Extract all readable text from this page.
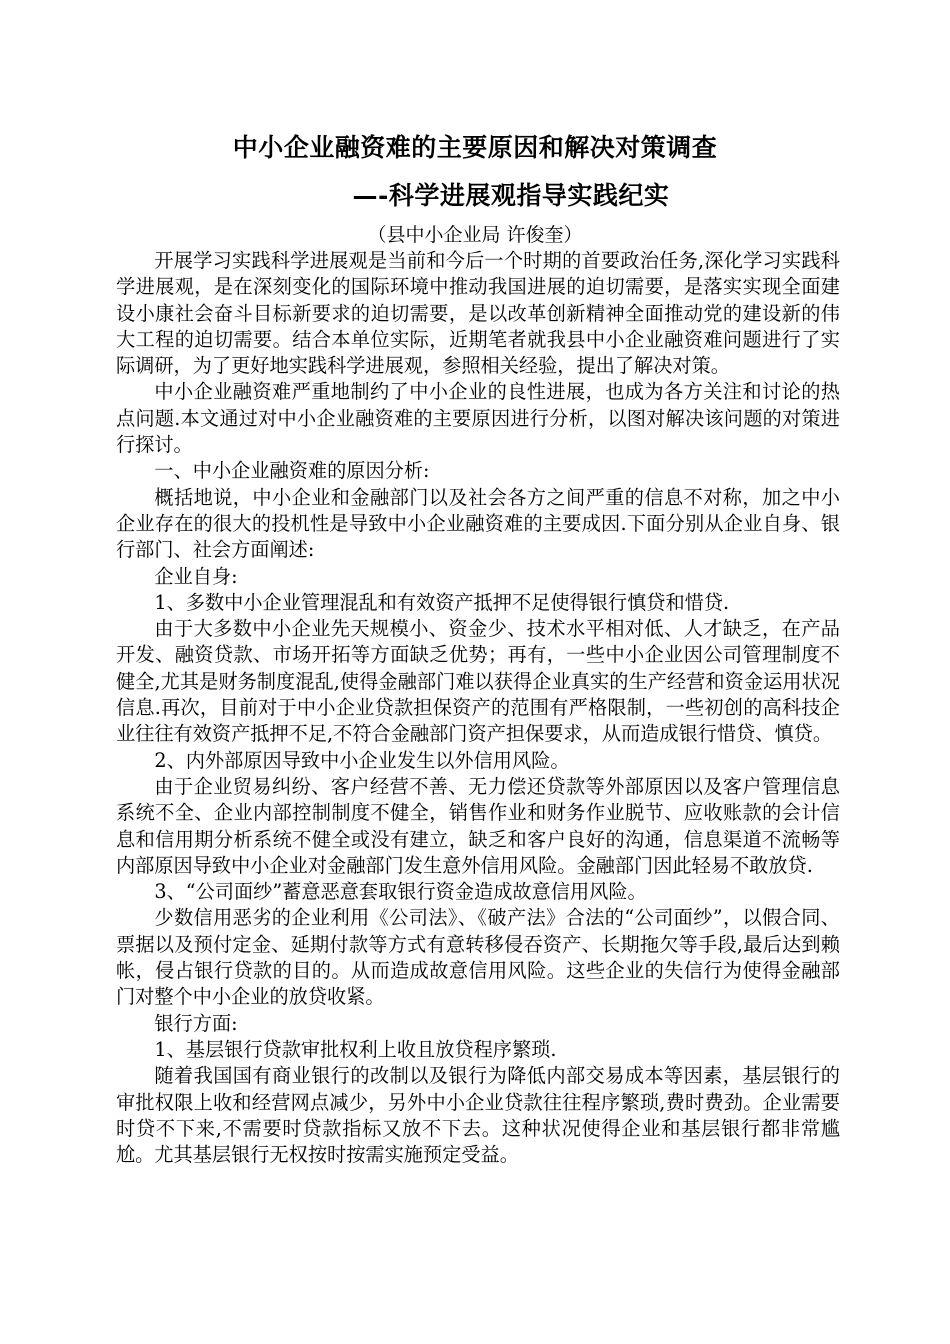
中小企业融资难的主要原因和解决对策调查
—-科学进展观指导实践纪实
（县中小企业局 许俊奎）

开展学习实践科学进展观是当前和今后一个时期的首要政治任务,深化学习实践科学进展观，是在深刻变化的国际环境中推动我国进展的迫切需要，是落实实现全面建设小康社会奋斗目标新要求的迫切需要，是以改革创新精神全面推动党的建设新的伟大工程的迫切需要。结合本单位实际，近期笔者就我县中小企业融资难问题进行了实际调研，为了更好地实践科学进展观，参照相关经验，提出了解决对策。

中小企业融资难严重地制约了中小企业的良性进展，也成为各方关注和讨论的热点问题.本文通过对中小企业融资难的主要原因进行分析，以图对解决该问题的对策进行探讨。

一、中小企业融资难的原因分析:

概括地说，中小企业和金融部门以及社会各方之间严重的信息不对称，加之中小企业存在的很大的投机性是导致中小企业融资难的主要成因.下面分别从企业自身、银行部门、社会方面阐述:

企业自身:

1、多数中小企业管理混乱和有效资产抵押不足使得银行慎贷和惜贷.

由于大多数中小企业先天规模小、资金少、技术水平相对低、人才缺乏，在产品开发、融资贷款、市场开拓等方面缺乏优势；再有，一些中小企业因公司管理制度不健全,尤其是财务制度混乱,使得金融部门难以获得企业真实的生产经营和资金运用状况信息.再次，目前对于中小企业贷款担保资产的范围有严格限制，一些初创的高科技企业往往有效资产抵押不足,不符合金融部门资产担保要求，从而造成银行惜贷、慎贷。

2、内外部原因导致中小企业发生以外信用风险。

由于企业贸易纠纷、客户经营不善、无力偿还贷款等外部原因以及客户管理信息系统不全、企业内部控制制度不健全，销售作业和财务作业脱节、应收账款的会计信息和信用期分析系统不健全或没有建立，缺乏和客户良好的沟通，信息渠道不流畅等内部原因导致中小企业对金融部门发生意外信用风险。金融部门因此轻易不敢放贷.

3、“公司面纱”蓄意恶意套取银行资金造成故意信用风险。

少数信用恶劣的企业利用《公司法》、《破产法》合法的“公司面纱”，以假合同、票据以及预付定金、延期付款等方式有意转移侵吞资产、长期拖欠等手段,最后达到赖帐，侵占银行贷款的目的。从而造成故意信用风险。这些企业的失信行为使得金融部门对整个中小企业的放贷收紧。

银行方面:

1、基层银行贷款审批权利上收且放贷程序繁琐.

随着我国国有商业银行的改制以及银行为降低内部交易成本等因素，基层银行的审批权限上收和经营网点减少，另外中小企业贷款往往程序繁琐,费时费劲。企业需要时贷不下来,不需要时贷款指标又放不下去。这种状况使得企业和基层银行都非常尴尬。尤其基层银行无权按时按需实施预定受益。
